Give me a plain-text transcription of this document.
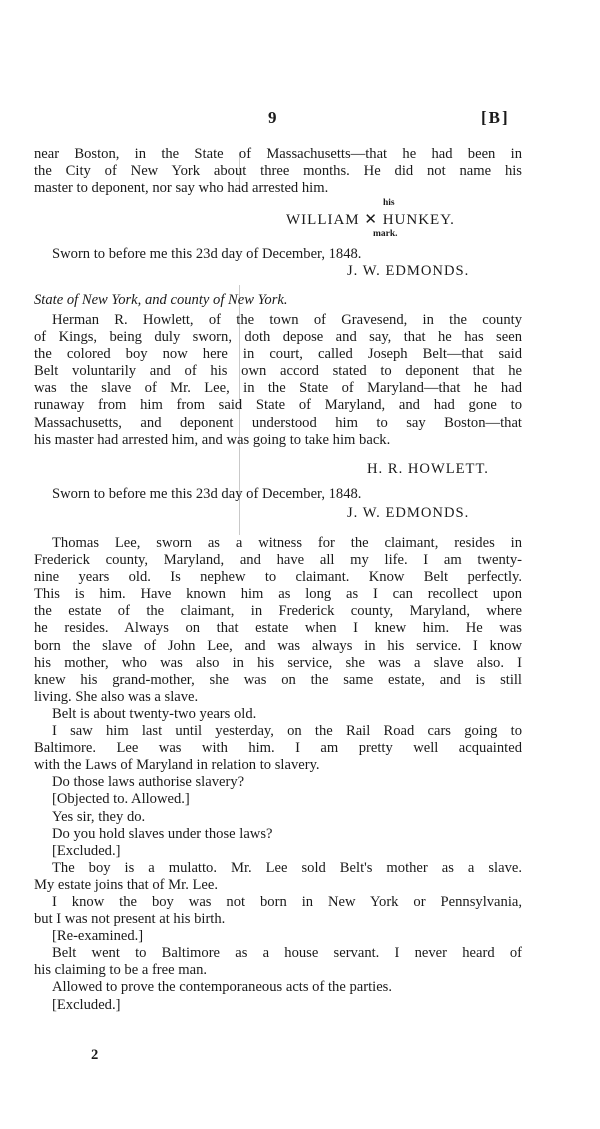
9	[B]
near Boston, in the State of Massachusetts—that he had been in
the City of New York about three months. He did not name his
master to deponent, nor say who had arrested him.
his
WILLIAM ✕ HUNKEY.
mark.
Sworn to before me this 23d day of December, 1848.
J. W. EDMONDS.
State of New York, and county of New York.
Herman R. Howlett, of the town of Gravesend, in the county
of Kings, being duly sworn, doth depose and say, that he has seen
the colored boy now here in court, called Joseph Belt—that said
Belt voluntarily and of his own accord stated to deponent that he
was the slave of Mr. Lee, in the State of Maryland—that he had
runaway from him from said State of Maryland, and had gone to
Massachusetts, and deponent understood him to say Boston—that
his master had arrested him, and was going to take him back.
H. R. HOWLETT.
Sworn to before me this 23d day of December, 1848.
J. W. EDMONDS.
Thomas Lee, sworn as a witness for the claimant, resides in
Frederick county, Maryland, and have all my life. I am twenty-
nine years old. Is nephew to claimant. Know Belt perfectly.
This is him. Have known him as long as I can recollect upon
the estate of the claimant, in Frederick county, Maryland, where
he resides. Always on that estate when I knew him. He was
born the slave of John Lee, and was always in his service. I know
his mother, who was also in his service, she was a slave also. I
knew his grand-mother, she was on the same estate, and is still
living. She also was a slave.
Belt is about twenty-two years old.
I saw him last until yesterday, on the Rail Road cars going to
Baltimore. Lee was with him. I am pretty well acquainted
with the Laws of Maryland in relation to slavery.
Do those laws authorise slavery?
[Objected to. Allowed.]
Yes sir, they do.
Do you hold slaves under those laws?
[Excluded.]
The boy is a mulatto. Mr. Lee sold Belt's mother as a slave.
My estate joins that of Mr. Lee.
I know the boy was not born in New York or Pennsylvania,
but I was not present at his birth.
[Re-examined.]
Belt went to Baltimore as a house servant. I never heard of
his claiming to be a free man.
Allowed to prove the contemporaneous acts of the parties.
[Excluded.]
2
